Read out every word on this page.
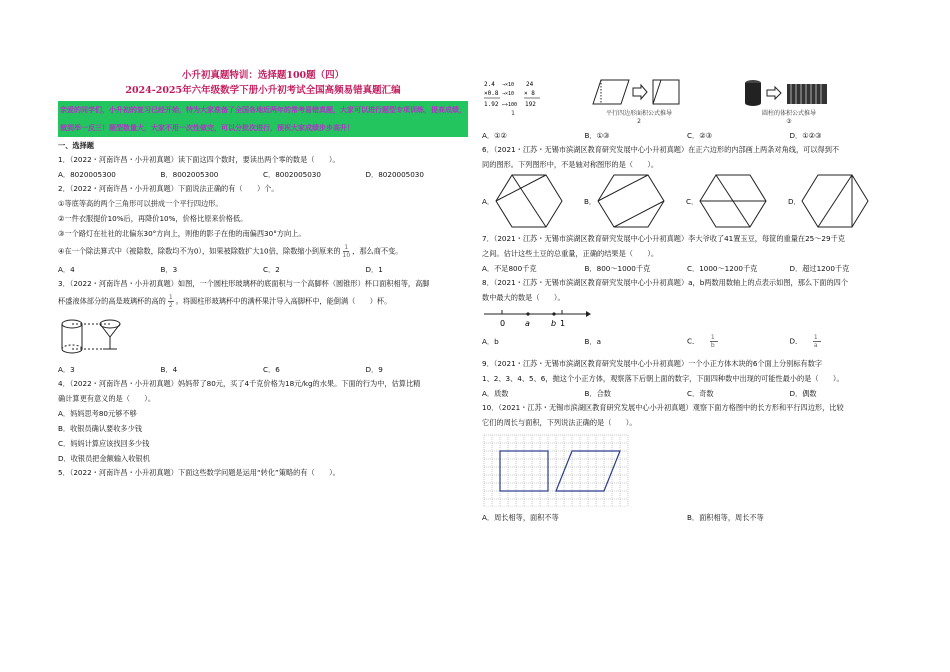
小升初真题特训：选择题100题（四）
2024-2025年六年级数学下册小升初考试全国高频易错真题汇编
亲爱的同学们，小升初的复习已经开始，特为大家准备了全国各地近两年的常考易错真题，大家可以进行题型专项训练，提高成绩，做到举一反三！题型数量大，大家不用一次性做完，可以分批次进行，预祝大家成绩步步高升！
一、选择题
1．（2022・河南许昌・小升初真题）读下面这四个数时，要读出两个零的数是（　　）。
A．8020005300	B．8002005300	C．8002005030	D．8020005030
2．（2022・河南许昌・小升初真题）下面说法正确的有（　　）个。
①等底等高的两个三角形可以拼成一个平行四边形。
②一件衣服提价10%后，再降价10%，价格比原来价格低。
③一个路灯在社社的北偏东30°方向上，则他的影子在他的南偏西30°方向上。
④在一个除法算式中（被除数，除数均不为0），如果被除数扩大10倍，除数缩小到原来的 $\frac{1}{10}$ ，那么商不变。
A．4	B．3	C．2	D．1
3．（2022・河南许昌・小升初真题）如图，一个圆柱形玻璃杯的底面积与一个高脚杯（圆锥形）杯口面积相等，高脚
杯盛液体部分的高是玻璃杯的高的 $\frac{1}{2}$ 。将圆柱形玻璃杯中的满杯果汁导入高脚杯中，能倒满（　　）杯。
A．3	B．4	C．6	D．9
4．（2022・河南许昌・小升初真题）妈妈带了80元，买了4千克价格为18元/kg的水果。下面的行为中，估算比精
确计算更有意义的是（　　）。
A．妈妈思考80元够不够
B．收银员确认要收多少钱
C．妈妈计算应该找回多少钱
D．收银员把金额输入收银机
5．（2022・河南许昌・小升初真题）下面这些数学问题是运用“转化”策略的有（　　）。
2.4
×0.8
1.92
→×10
→×10
←÷100
24
× 8
192
1	平行四边形面积公式推导
2
圆柱的体积公式推导
③
A．①②	B．①③	C．②③	D．①②③
6．（2021・江苏・无锡市滨湖区教育研究发展中心小升初真题）在正六边形的内部画上两条对角线，可以得到不
同的图形。下列图形中，不是轴对称图形的是（　　）。
A．	B．	C．	D．
7．（2021・江苏・无锡市滨湖区教育研究发展中心小升初真题）李大爷收了41置玉豆，每筐的重量在25～29千克
之间。估计这些土豆的总重量，正确的结果是（　　）。
A．不足800千克	B．800～1000千克	C．1000～1200千克	D．超过1200千克
8．（2021・江苏・无锡市滨湖区教育研究发展中心小升初真题）a，b两数用数轴上的点表示如图，那么下面的四个
数中最大的数是（　　）。
0 a	b 1
A．b	B．a	C． $\frac{1}{b}$	D． $\frac{1}{a}$
9．（2021・江苏・无锡市滨湖区教育研究发展中心小升初真题）一个小正方体木块的6个面上分别标有数字
1、2、3、4、5、6，抛这个小正方体，观察落下后朝上面的数字，下面四种数中出现的可能性最小的是（　　）。
A．质数	B．合数	C．奇数	D．偶数
10．（2021・江苏・无锡市滨湖区教育研究发展中心小升初真题）观察下面方格图中的长方形和平行四边形，比较
它们的周长与面积，下列说法正确的是（　　）。
A．周长相等，面积不等	B．面积相等，周长不等
